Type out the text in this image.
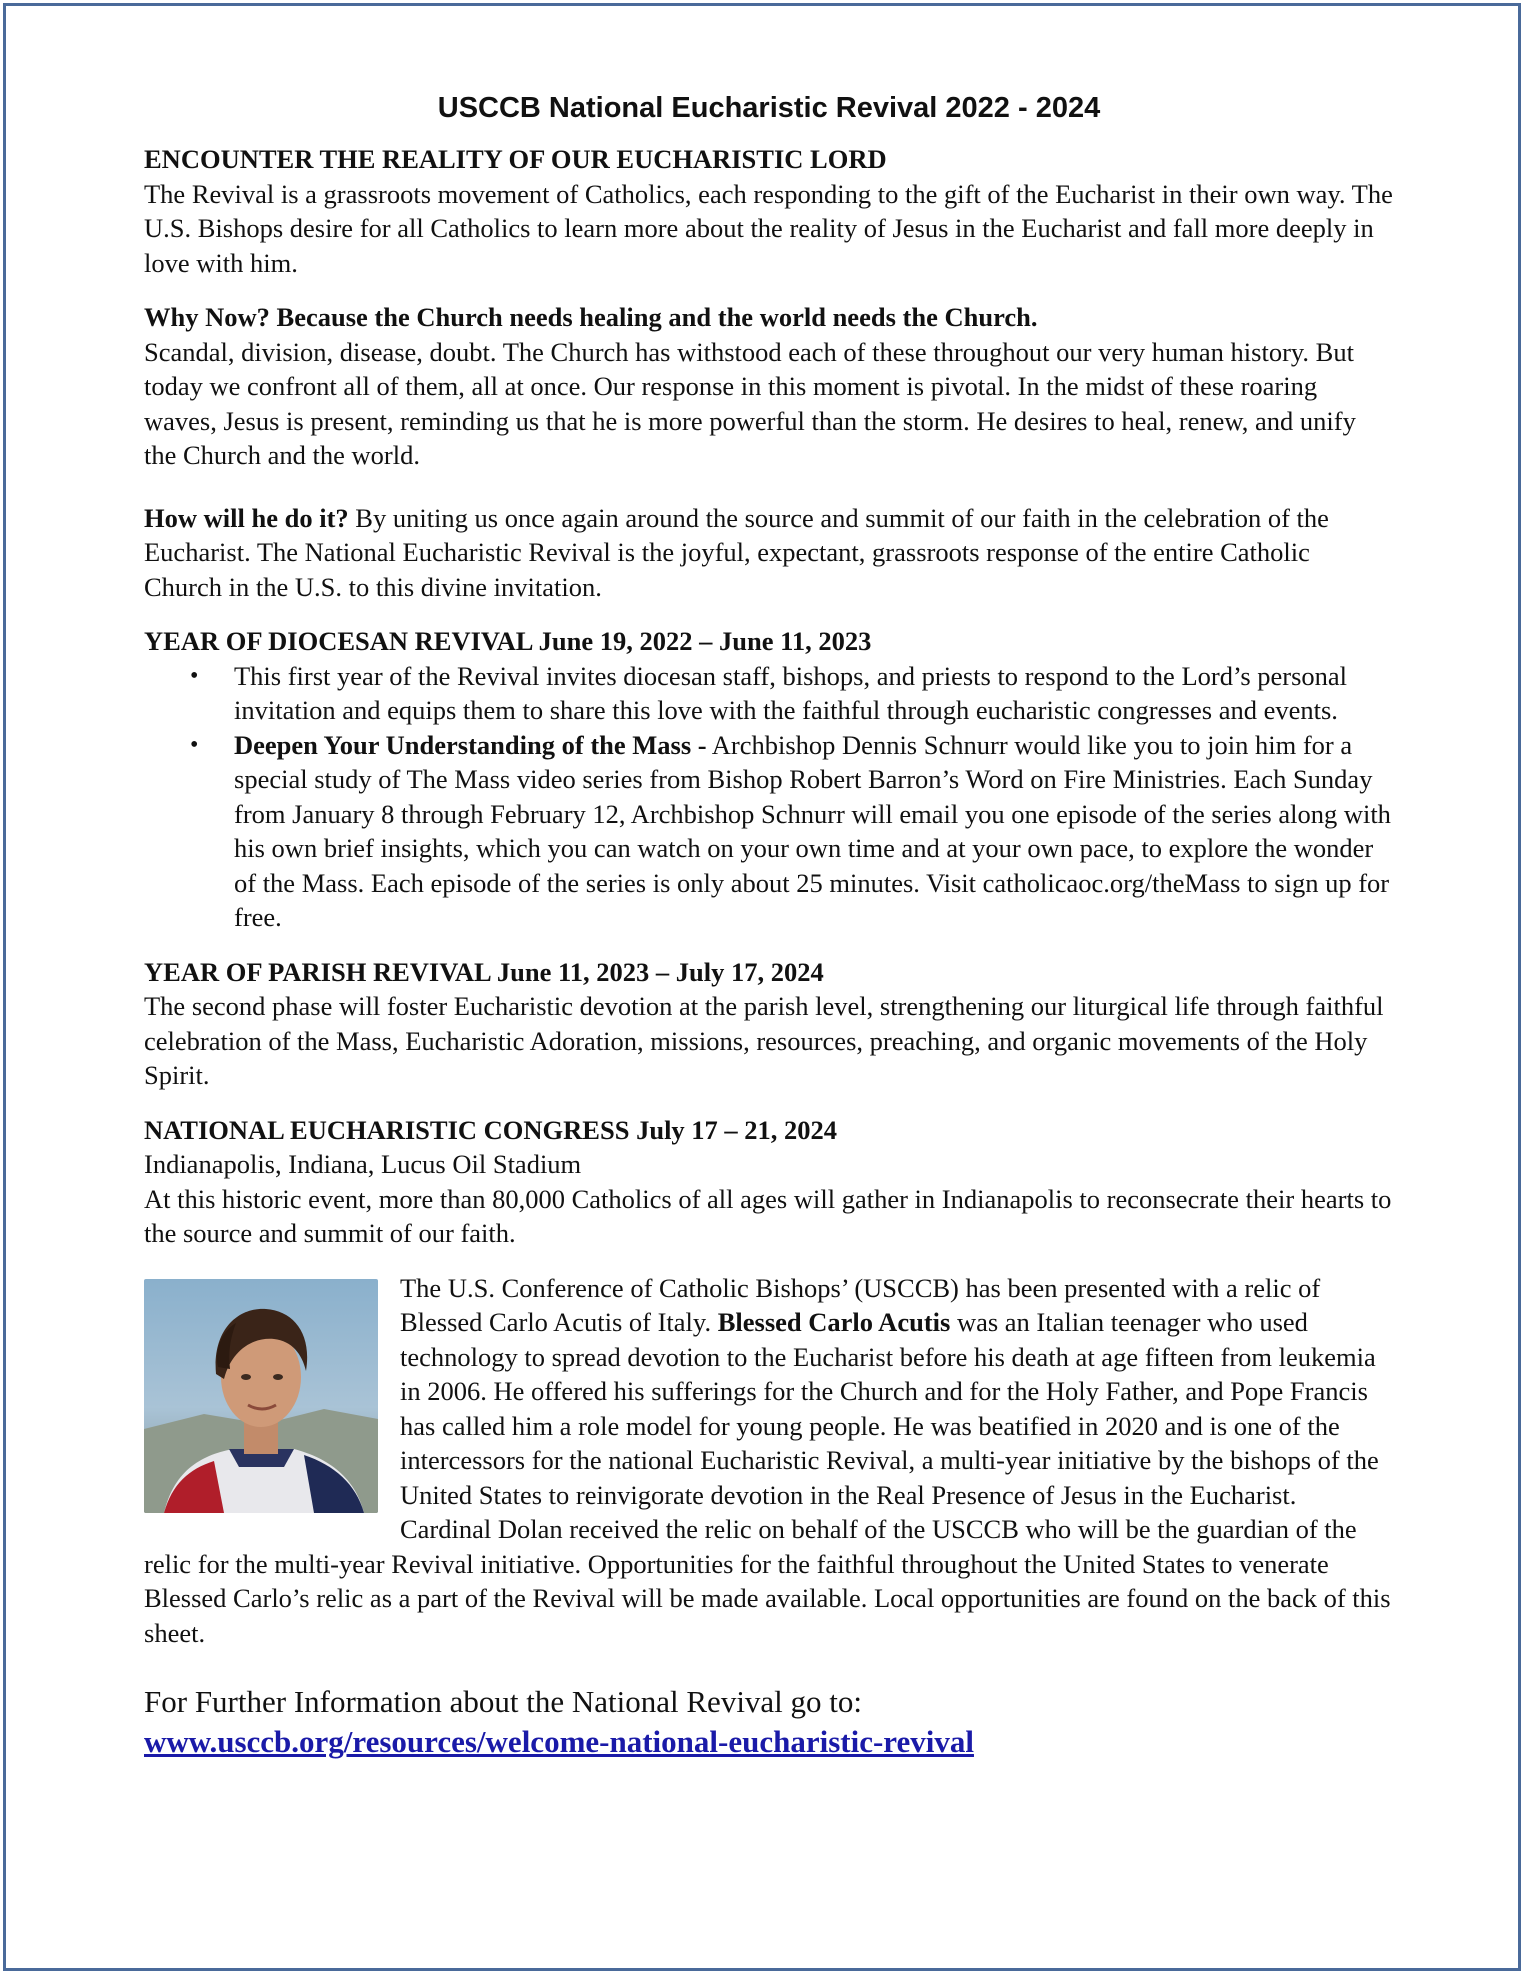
USCCB National Eucharistic Revival 2022 - 2024
ENCOUNTER THE REALITY OF OUR EUCHARISTIC LORD

The Revival is a grassroots movement of Catholics, each responding to the gift of the Eucharist in their own way. The U.S. Bishops desire for all Catholics to learn more about the reality of Jesus in the Eucharist and fall more deeply in love with him.

Why Now? Because the Church needs healing and the world needs the Church.

Scandal, division, disease, doubt. The Church has withstood each of these throughout our very human history. But today we confront all of them, all at once. Our response in this moment is pivotal. In the midst of these roaring waves, Jesus is present, reminding us that he is more powerful than the storm. He desires to heal, renew, and unify the Church and the world.

How will he do it? By uniting us once again around the source and summit of our faith in the celebration of the Eucharist. The National Eucharistic Revival is the joyful, expectant, grassroots response of the entire Catholic Church in the U.S. to this divine invitation.

YEAR OF DIOCESAN REVIVAL June 19, 2022 – June 11, 2023
• This first year of the Revival invites diocesan staff, bishops, and priests to respond to the Lord’s personal invitation and equips them to share this love with the faithful through eucharistic congresses and events.
• Deepen Your Understanding of the Mass - Archbishop Dennis Schnurr would like you to join him for a special study of The Mass video series from Bishop Robert Barron’s Word on Fire Ministries. Each Sunday from January 8 through February 12, Archbishop Schnurr will email you one episode of the series along with his own brief insights, which you can watch on your own time and at your own pace, to explore the wonder of the Mass. Each episode of the series is only about 25 minutes. Visit catholicaoc.org/theMass to sign up for free.
YEAR OF PARISH REVIVAL June 11, 2023 – July 17, 2024

The second phase will foster Eucharistic devotion at the parish level, strengthening our liturgical life through faithful celebration of the Mass, Eucharistic Adoration, missions, resources, preaching, and organic movements of the Holy Spirit.

NATIONAL EUCHARISTIC CONGRESS July 17 – 21, 2024

Indianapolis, Indiana, Lucus Oil Stadium

At this historic event, more than 80,000 Catholics of all ages will gather in Indianapolis to reconsecrate their hearts to the source and summit of our faith.

The U.S. Conference of Catholic Bishops’ (USCCB) has been presented with a relic of Blessed Carlo Acutis of Italy. Blessed Carlo Acutis was an Italian teenager who used technology to spread devotion to the Eucharist before his death at age fifteen from leukemia in 2006. He offered his sufferings for the Church and for the Holy Father, and Pope Francis has called him a role model for young people. He was beatified in 2020 and is one of the intercessors for the national Eucharistic Revival, a multi-year initiative by the bishops of the United States to reinvigorate devotion in the Real Presence of Jesus in the Eucharist. Cardinal Dolan received the relic on behalf of the USCCB who will be the guardian of the relic for the multi-year Revival initiative. Opportunities for the faithful throughout the United States to venerate Blessed Carlo’s relic as a part of the Revival will be made available. Local opportunities are found on the back of this sheet.

For Further Information about the National Revival go to:
www.usccb.org/resources/welcome-national-eucharistic-revival
